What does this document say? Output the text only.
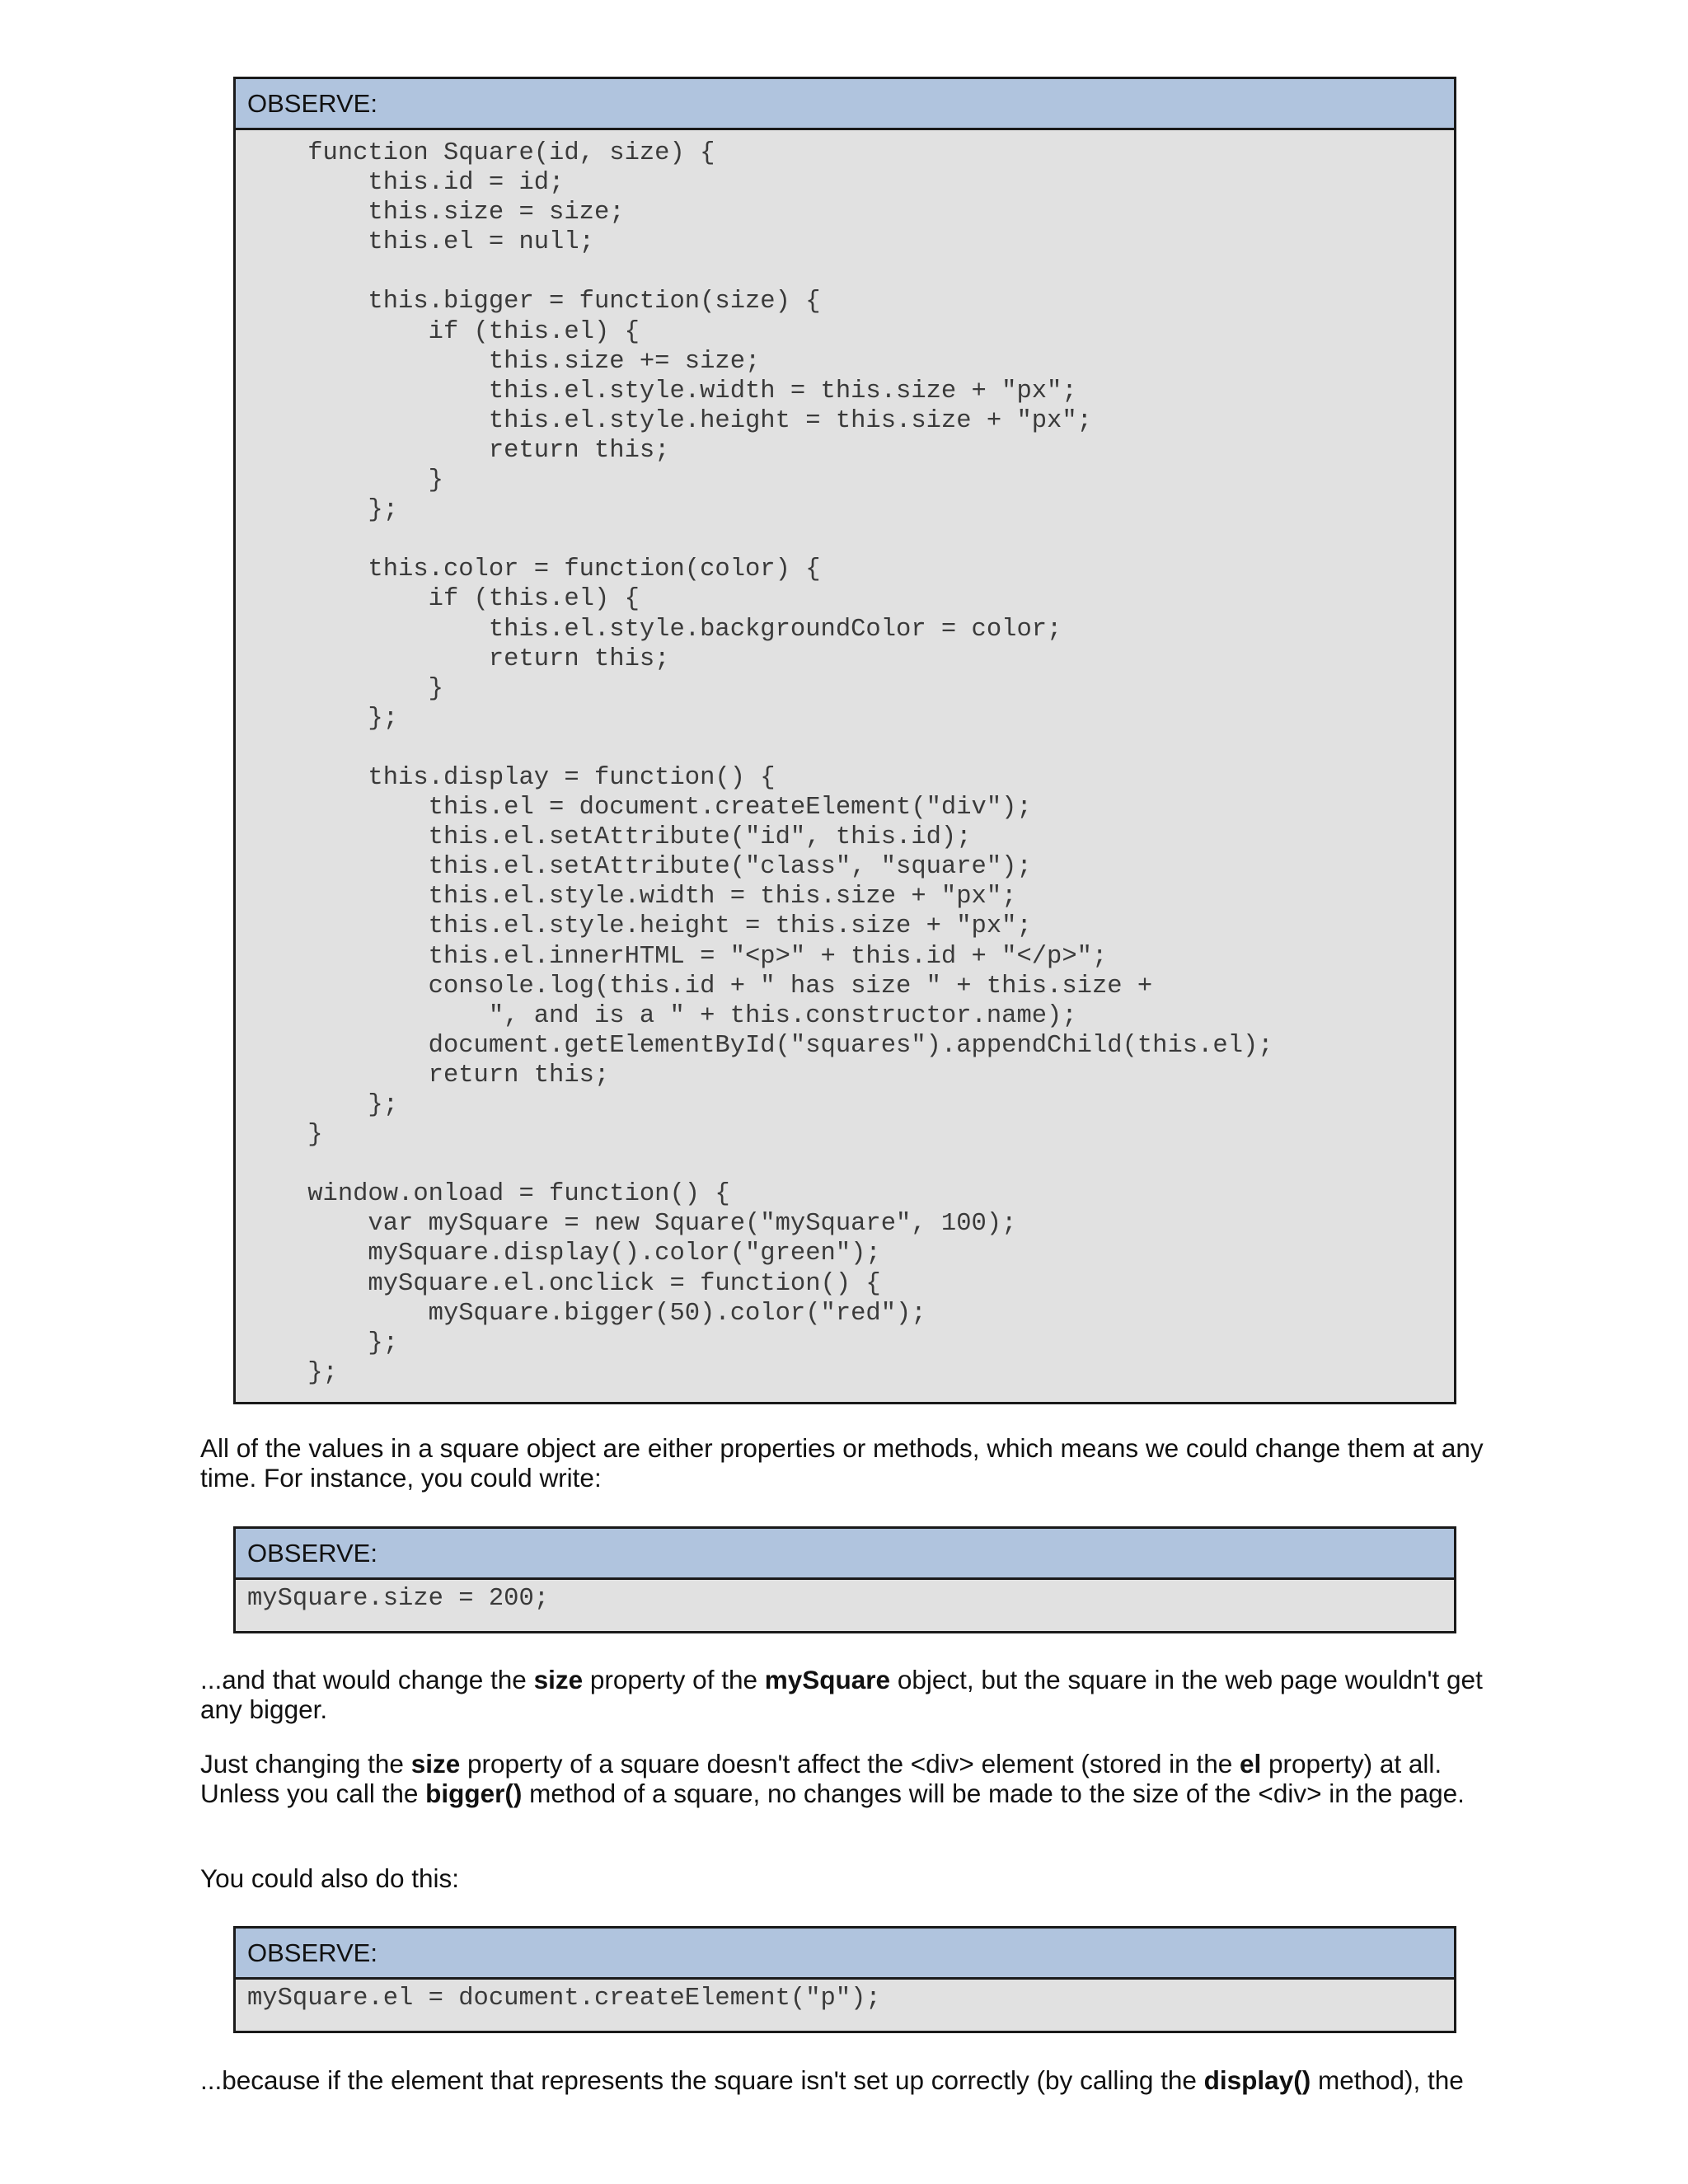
OBSERVE:
function Square(id, size) {
this.id = id;
this.size = size;
this.el = null;

this.bigger = function(size) {
if (this.el) {
this.size += size;
this.el.style.width = this.size + "px";
this.el.style.height = this.size + "px";
return this;
}
};

this.color = function(color) {
if (this.el) {
this.el.style.backgroundColor = color;
return this;
}
};

this.display = function() {
this.el = document.createElement("div");
this.el.setAttribute("id", this.id);
this.el.setAttribute("class", "square");
this.el.style.width = this.size + "px";
this.el.style.height = this.size + "px";
this.el.innerHTML = "<p>" + this.id + "</p>";
console.log(this.id + " has size " + this.size +
", and is a " + this.constructor.name);
document.getElementById("squares").appendChild(this.el);
return this;
};
}

window.onload = function() {
var mySquare = new Square("mySquare", 100);
mySquare.display().color("green");
mySquare.el.onclick = function() {
mySquare.bigger(50).color("red");
};
};

All of the values in a square object are either properties or methods, which means we could change them at any time. For instance, you could write:

OBSERVE:
mySquare.size = 200;

...and that would change the size property of the mySquare object, but the square in the web page wouldn't get any bigger.

Just changing the size property of a square doesn't affect the <div> element (stored in the el property) at all. Unless you call the bigger() method of a square, no changes will be made to the size of the <div> in the page.

You could also do this:

OBSERVE:
mySquare.el = document.createElement("p");

...because if the element that represents the square isn't set up correctly (by calling the display() method), the
